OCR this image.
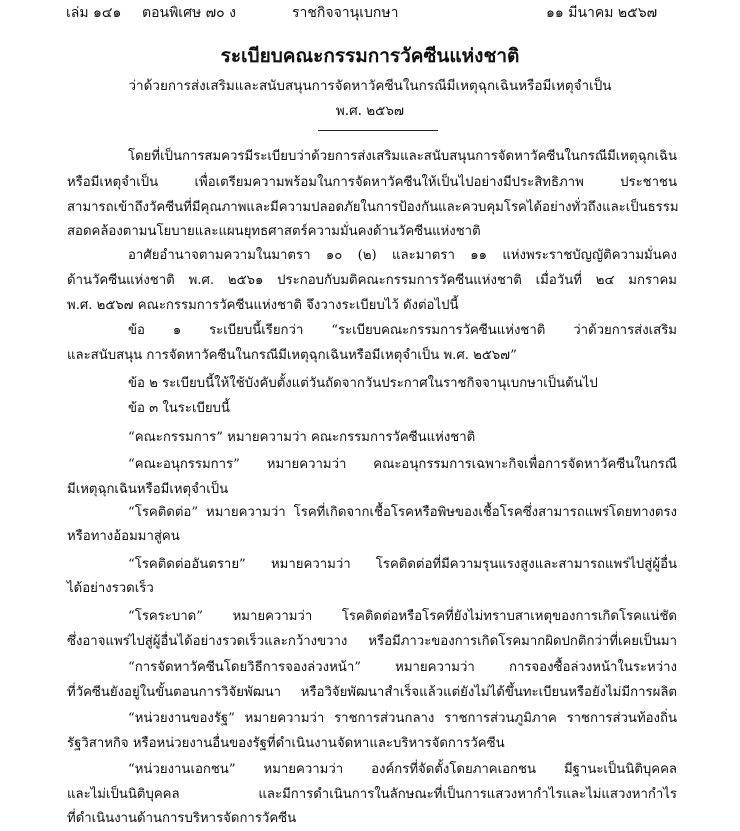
เล่ม ๑๔๑ ตอนพิเศษ ๗๐ ง	ราชกิจจานุเบกษา	๑๑ มีนาคม ๒๕๖๗
ระเบียบคณะกรรมการวัคซีนแห่งชาติ
ว่าด้วยการส่งเสริมและสนับสนุนการจัดหาวัคซีนในกรณีมีเหตุฉุกเฉินหรือมีเหตุจำเป็น
พ.ศ. ๒๕๖๗
โดยที่เป็นการสมควรมีระเบียบว่าด้วยการส่งเสริมและสนับสนุนการจัดหาวัคซีนในกรณีมีเหตุฉุกเฉิน
หรือมีเหตุจำเป็น เพื่อเตรียมความพร้อมในการจัดหาวัคซีนให้เป็นไปอย่างมีประสิทธิภาพ ประชาชน
สามารถเข้าถึงวัคซีนที่มีคุณภาพและมีความปลอดภัยในการป้องกันและควบคุมโรคได้อย่างทั่วถึงและเป็นธรรม
สอดคล้องตามนโยบายและแผนยุทธศาสตร์ความมั่นคงด้านวัคซีนแห่งชาติ
อาศัยอำนาจตามความในมาตรา ๑๐ (๒) และมาตรา ๑๑ แห่งพระราชบัญญัติความมั่นคง
ด้านวัคซีนแห่งชาติ พ.ศ. ๒๕๖๑ ประกอบกับมติคณะกรรมการวัคซีนแห่งชาติ เมื่อวันที่ ๒๔ มกราคม
พ.ศ. ๒๕๖๗ คณะกรรมการวัคซีนแห่งชาติ จึงวางระเบียบไว้ ดังต่อไปนี้
ข้อ ๑ ระเบียบนี้เรียกว่า “ระเบียบคณะกรรมการวัคซีนแห่งชาติ ว่าด้วยการส่งเสริม
และสนับสนุน การจัดหาวัคซีนในกรณีมีเหตุฉุกเฉินหรือมีเหตุจำเป็น พ.ศ. ๒๕๖๗”
ข้อ ๒ ระเบียบนี้ให้ใช้บังคับตั้งแต่วันถัดจากวันประกาศในราชกิจจานุเบกษาเป็นต้นไป
ข้อ ๓ ในระเบียบนี้
“คณะกรรมการ” หมายความว่า คณะกรรมการวัคซีนแห่งชาติ
“คณะอนุกรรมการ” หมายความว่า คณะอนุกรรมการเฉพาะกิจเพื่อการจัดหาวัคซีนในกรณี
มีเหตุฉุกเฉินหรือมีเหตุจำเป็น
“โรคติดต่อ” หมายความว่า โรคที่เกิดจากเชื้อโรคหรือพิษของเชื้อโรคซึ่งสามารถแพร่โดยทางตรง
หรือทางอ้อมมาสู่คน
“โรคติดต่ออันตราย” หมายความว่า โรคติดต่อที่มีความรุนแรงสูงและสามารถแพร่ไปสู่ผู้อื่น
ได้อย่างรวดเร็ว
“โรคระบาด” หมายความว่า โรคติดต่อหรือโรคที่ยังไม่ทราบสาเหตุของการเกิดโรคแน่ชัด
ซึ่งอาจแพร่ไปสู่ผู้อื่นได้อย่างรวดเร็วและกว้างขวาง หรือมีภาวะของการเกิดโรคมากผิดปกติกว่าที่เคยเป็นมา
“การจัดหาวัคซีนโดยวิธีการจองล่วงหน้า” หมายความว่า การจองซื้อล่วงหน้าในระหว่าง
ที่วัคซีนยังอยู่ในขั้นตอนการวิจัยพัฒนา หรือวิจัยพัฒนาสำเร็จแล้วแต่ยังไม่ได้ขึ้นทะเบียนหรือยังไม่มีการผลิต
“หน่วยงานของรัฐ” หมายความว่า ราชการส่วนกลาง ราชการส่วนภูมิภาค ราชการส่วนท้องถิ่น
รัฐวิสาหกิจ หรือหน่วยงานอื่นของรัฐที่ดำเนินงานจัดหาและบริหารจัดการวัคซีน
“หน่วยงานเอกชน” หมายความว่า องค์กรที่จัดตั้งโดยภาคเอกชน มีฐานะเป็นนิติบุคคล
และไม่เป็นนิติบุคคล และมีการดำเนินการในลักษณะที่เป็นการแสวงหากำไรและไม่แสวงหากำไร
ที่ดำเนินงานด้านการบริหารจัดการวัคซีน
